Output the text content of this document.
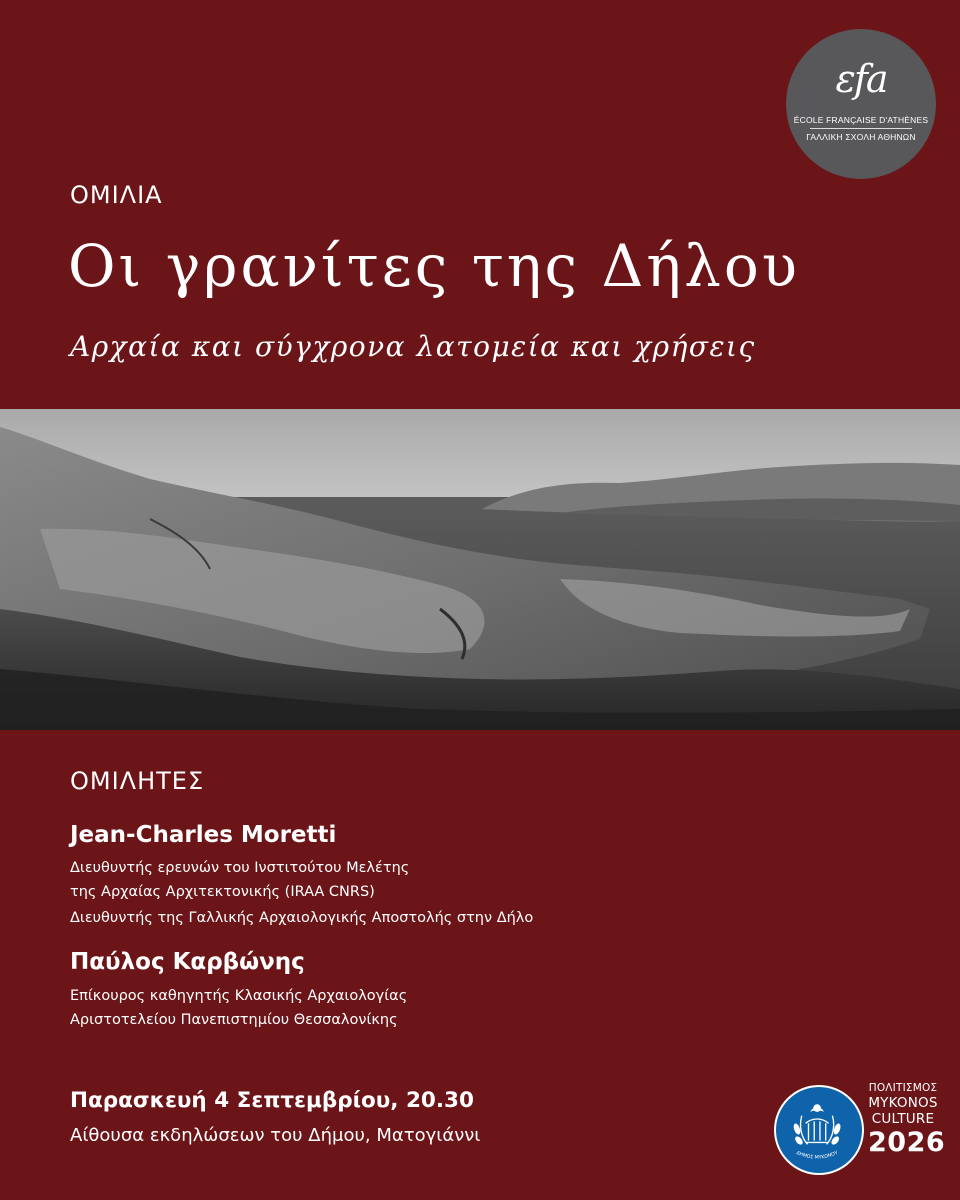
εfa
ÉCOLE FRANÇAISE D'ATHÈNES
ΓΑΛΛΙΚΗ ΣΧΟΛΗ ΑΘΗΝΩΝ
ΟΜΙΛΙΑ
Οι γρανίτες της Δήλου
Αρχαία και σύγχρονα λατομεία και χρήσεις
ΟΜΙΛΗΤΕΣ
Jean-Charles Moretti
Διευθυντής ερευνών του Ινστιτούτου Μελέτης
της Αρχαίας Αρχιτεκτονικής (IRAA CNRS)
Διευθυντής της Γαλλικής Αρχαιολογικής Αποστολής στην Δήλο
Παύλος Καρβώνης
Επίκουρος καθηγητής Κλασικής Αρχαιολογίας
Αριστοτελείου Πανεπιστημίου Θεσσαλονίκης
Παρασκευή 4 Σεπτεμβρίου, 20.30
Αίθουσα εκδηλώσεων του Δήμου, Ματογιάννι
ΔΗΜΟΣ ΜΥΚΟΝΟΥ
ΠΟΛΙΤΙΣΜΟΣ
MYKONOS
CULTURE
2026
